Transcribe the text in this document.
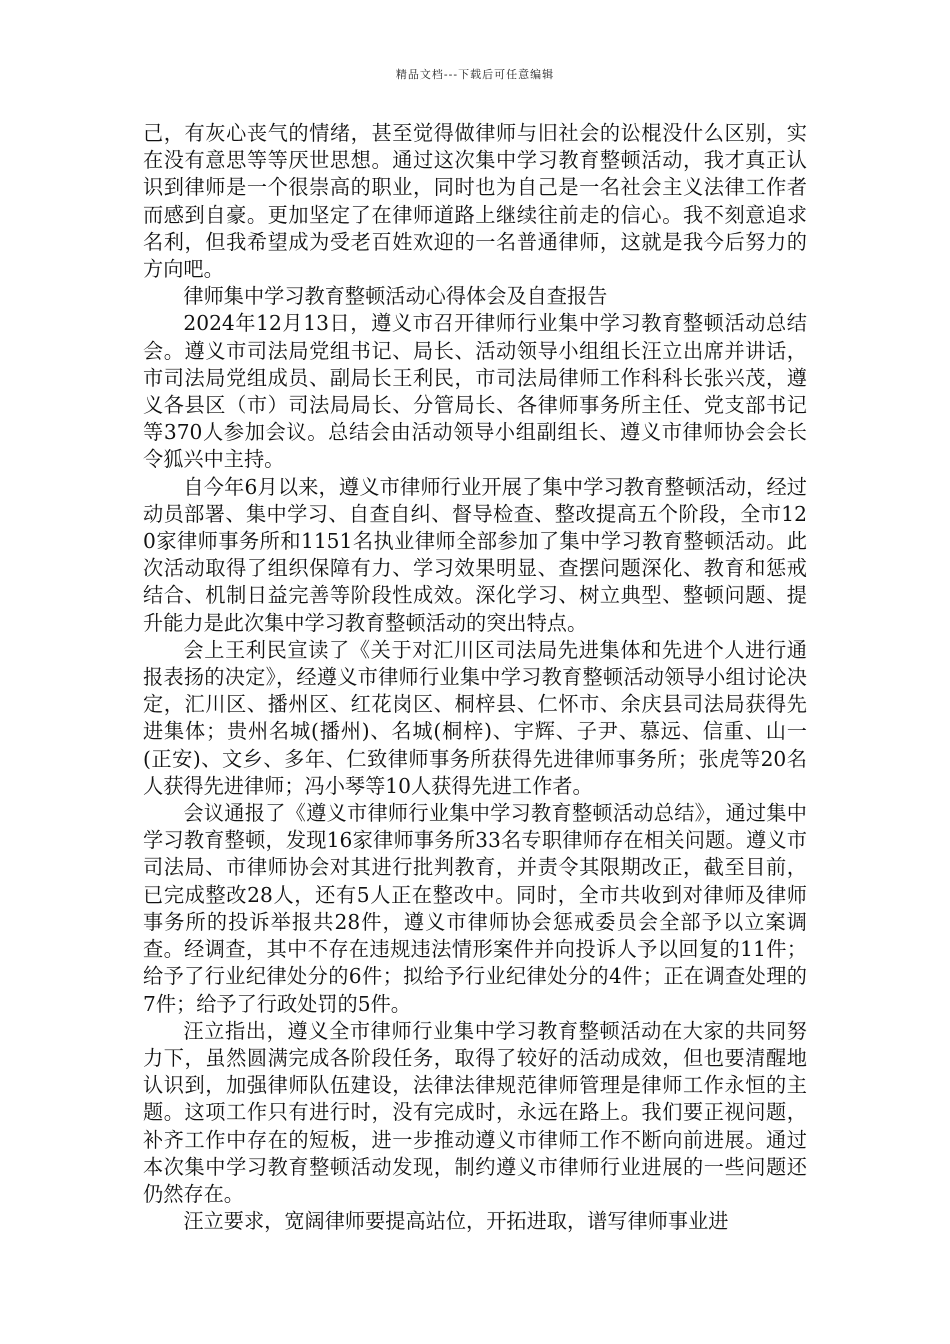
精品文档---下载后可任意编辑

己，有灰心丧气的情绪，甚至觉得做律师与旧社会的讼棍没什么区别，实在没有意思等等厌世思想。通过这次集中学习教育整顿活动，我才真正认识到律师是一个很崇高的职业，同时也为自己是一名社会主义法律工作者而感到自豪。更加坚定了在律师道路上继续往前走的信心。我不刻意追求名利，但我希望成为受老百姓欢迎的一名普通律师，这就是我今后努力的方向吧。

律师集中学习教育整顿活动心得体会及自查报告

2024年12月13日，遵义市召开律师行业集中学习教育整顿活动总结会。遵义市司法局党组书记、局长、活动领导小组组长汪立出席并讲话，市司法局党组成员、副局长王利民，市司法局律师工作科科长张兴茂，遵义各县区（市）司法局局长、分管局长、各律师事务所主任、党支部书记等370人参加会议。总结会由活动领导小组副组长、遵义市律师协会会长令狐兴中主持。

自今年6月以来，遵义市律师行业开展了集中学习教育整顿活动，经过动员部署、集中学习、自查自纠、督导检查、整改提高五个阶段，全市120家律师事务所和1151名执业律师全部参加了集中学习教育整顿活动。此次活动取得了组织保障有力、学习效果明显、查摆问题深化、教育和惩戒结合、机制日益完善等阶段性成效。深化学习、树立典型、整顿问题、提升能力是此次集中学习教育整顿活动的突出特点。

会上王利民宣读了《关于对汇川区司法局先进集体和先进个人进行通报表扬的决定》，经遵义市律师行业集中学习教育整顿活动领导小组讨论决定，汇川区、播州区、红花岗区、桐梓县、仁怀市、余庆县司法局获得先进集体；贵州名城(播州)、名城(桐梓)、宇辉、子尹、慕远、信重、山一(正安)、文乡、多年、仁致律师事务所获得先进律师事务所；张虎等20名人获得先进律师；冯小琴等10人获得先进工作者。

会议通报了《遵义市律师行业集中学习教育整顿活动总结》，通过集中学习教育整顿，发现16家律师事务所33名专职律师存在相关问题。遵义市司法局、市律师协会对其进行批判教育，并责令其限期改正，截至目前，已完成整改28人，还有5人正在整改中。同时，全市共收到对律师及律师事务所的投诉举报共28件，遵义市律师协会惩戒委员会全部予以立案调查。经调查，其中不存在违规违法情形案件并向投诉人予以回复的11件；给予了行业纪律处分的6件；拟给予行业纪律处分的4件；正在调查处理的7件；给予了行政处罚的5件。

汪立指出，遵义全市律师行业集中学习教育整顿活动在大家的共同努力下，虽然圆满完成各阶段任务，取得了较好的活动成效，但也要清醒地认识到，加强律师队伍建设，法律法律规范律师管理是律师工作永恒的主题。这项工作只有进行时，没有完成时，永远在路上。我们要正视问题，补齐工作中存在的短板，进一步推动遵义市律师工作不断向前进展。通过本次集中学习教育整顿活动发现，制约遵义市律师行业进展的一些问题还仍然存在。

汪立要求，宽阔律师要提高站位，开拓进取，谱写律师事业进
